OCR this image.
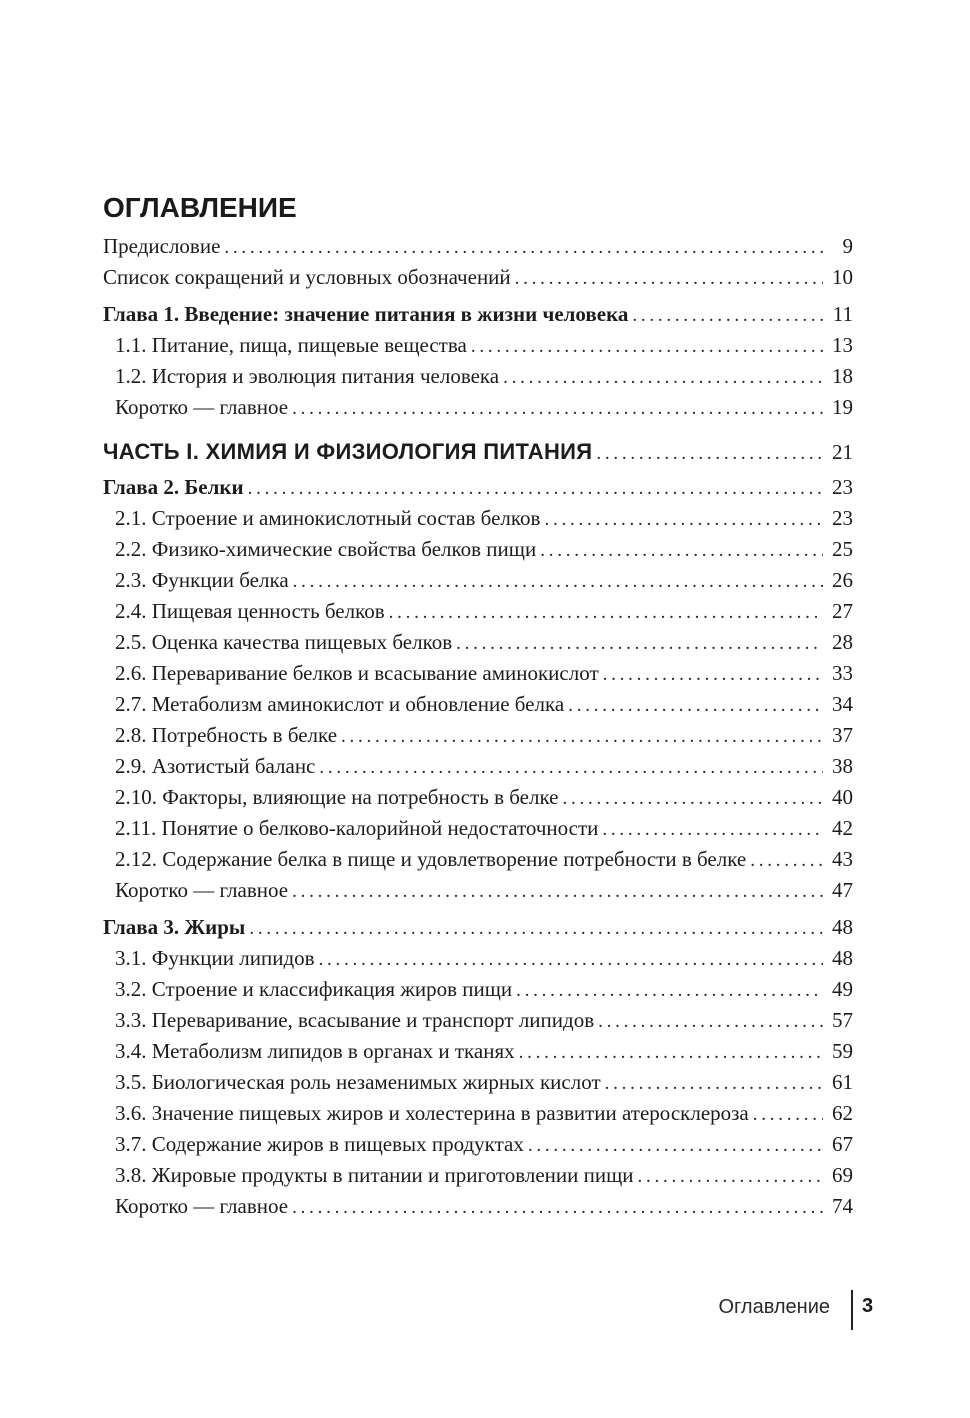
ОГЛАВЛЕНИЕ
Предисловие . . .	9
Список сокращений и условных обозначений . . .	10
Глава 1. Введение: значение питания в жизни человека . . .	11
1.1. Питание, пища, пищевые вещества . . .	13
1.2. История и эволюция питания человека . . .	18
Коротко — главное . . .	19
ЧАСТЬ I. ХИМИЯ И ФИЗИОЛОГИЯ ПИТАНИЯ . . .	21
Глава 2. Белки . . .	23
2.1. Строение и аминокислотный состав белков . . .	23
2.2. Физико-химические свойства белков пищи . . .	25
2.3. Функции белка . . .	26
2.4. Пищевая ценность белков . . .	27
2.5. Оценка качества пищевых белков . . .	28
2.6. Переваривание белков и всасывание аминокислот . . .	33
2.7. Метаболизм аминокислот и обновление белка . . .	34
2.8. Потребность в белке . . .	37
2.9. Азотистый баланс . . .	38
2.10. Факторы, влияющие на потребность в белке . . .	40
2.11. Понятие о белково-калорийной недостаточности . . .	42
2.12. Содержание белка в пище и удовлетворение потребности в белке . . .	43
Коротко — главное . . .	47
Глава 3. Жиры . . .	48
3.1. Функции липидов . . .	48
3.2. Строение и классификация жиров пищи . . .	49
3.3. Переваривание, всасывание и транспорт липидов . . .	57
3.4. Метаболизм липидов в органах и тканях . . .	59
3.5. Биологическая роль незаменимых жирных кислот . . .	61
3.6. Значение пищевых жиров и холестерина в развитии атеросклероза . . .	62
3.7. Содержание жиров в пищевых продуктах . . .	67
3.8. Жировые продукты в питании и приготовлении пищи . . .	69
Коротко — главное . . .	74
Оглавление 3
